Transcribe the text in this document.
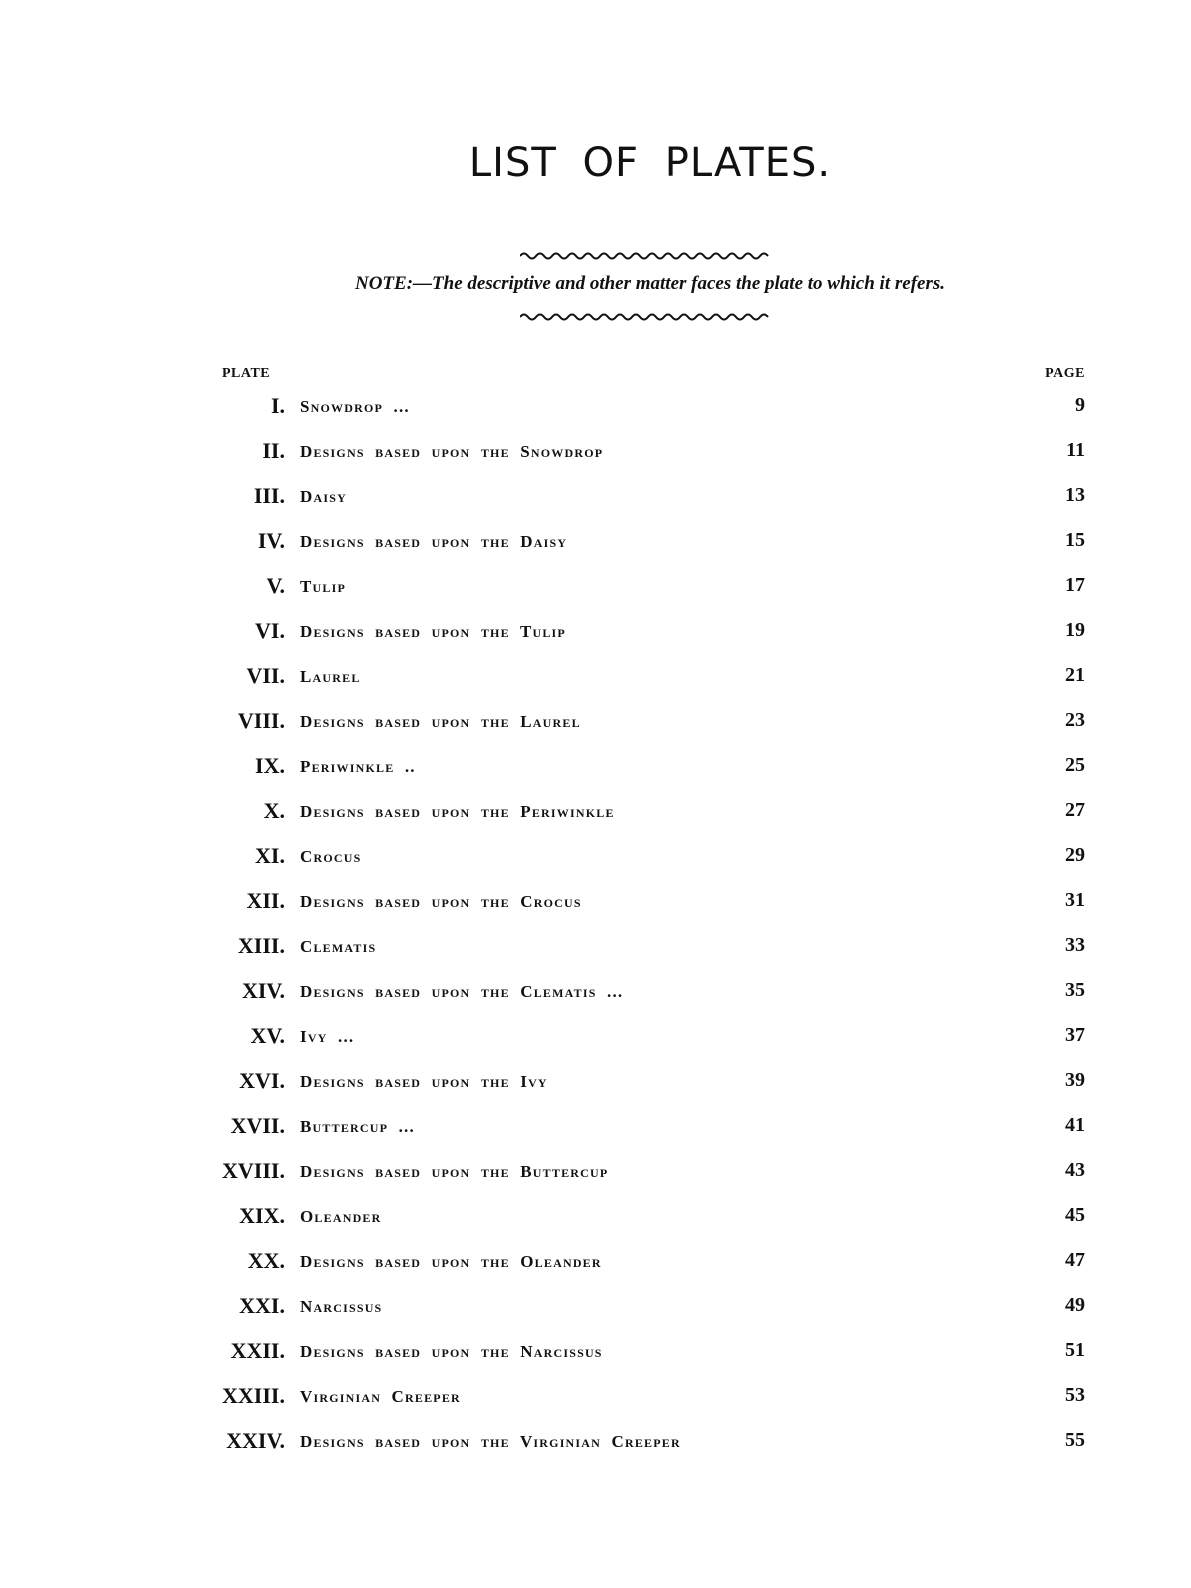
LIST OF PLATES.
NOTE:—The descriptive and other matter faces the plate to which it refers.
PLATE	PAGE
I. Snowdrop ...	9
II. Designs based upon the Snowdrop	11
III. Daisy	13
IV. Designs based upon the Daisy	15
V. Tulip	17
VI. Designs based upon the Tulip	19
VII. Laurel	21
VIII. Designs based upon the Laurel	23
IX. Periwinkle ..	25
X. Designs based upon the Periwinkle	27
XI. Crocus	29
XII. Designs based upon the Crocus	31
XIII. Clematis	33
XIV. Designs based upon the Clematis ...	35
XV. Ivy ...	37
XVI. Designs based upon the Ivy	39
XVII. Buttercup ...	41
XVIII. Designs based upon the Buttercup	43
XIX. Oleander	45
XX. Designs based upon the Oleander	47
XXI. Narcissus	49
XXII. Designs based upon the Narcissus	51
XXIII. Virginian Creeper	53
XXIV. Designs based upon the Virginian Creeper	55
